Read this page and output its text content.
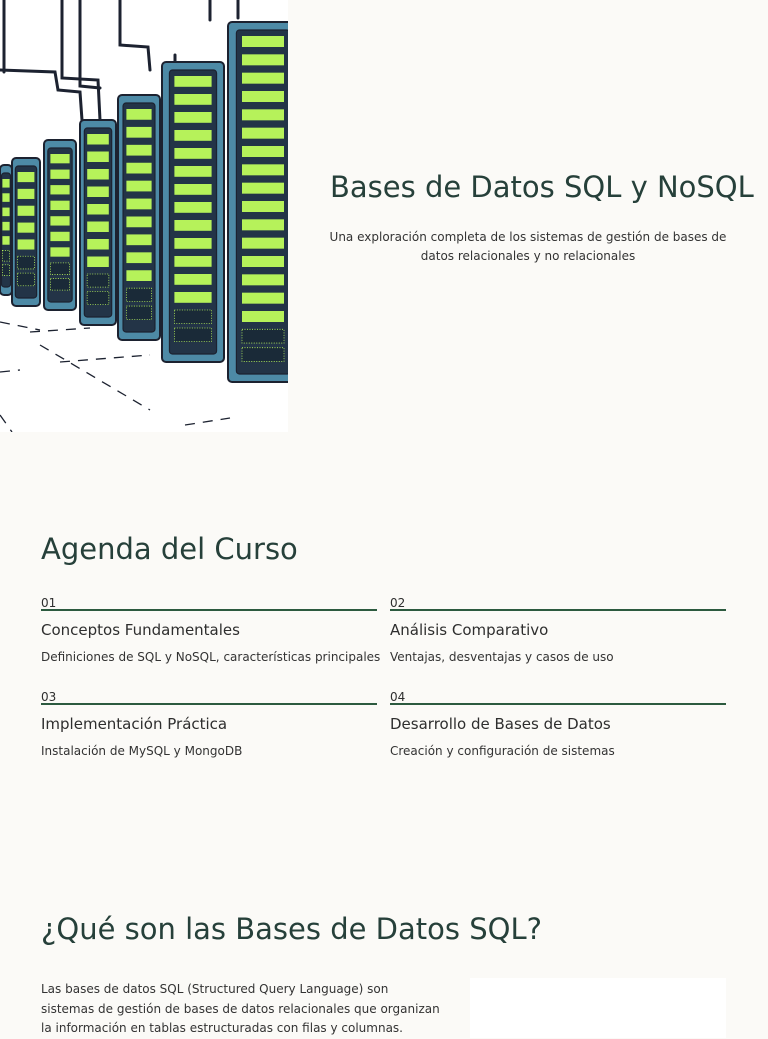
Bases de Datos SQL y NoSQL

Una exploración completa de los sistemas de gestión de bases de datos relacionales y no relacionales

Agenda del Curso
01
Conceptos Fundamentales
Definiciones de SQL y NoSQL, características principales
02
Análisis Comparativo
Ventajas, desventajas y casos de uso
03
Implementación Práctica
Instalación de MySQL y MongoDB
04
Desarrollo de Bases de Datos
Creación y configuración de sistemas
¿Qué son las Bases de Datos SQL?

Las bases de datos SQL (Structured Query Language) son sistemas de gestión de bases de datos relacionales que organizan la información en tablas estructuradas con filas y columnas.
